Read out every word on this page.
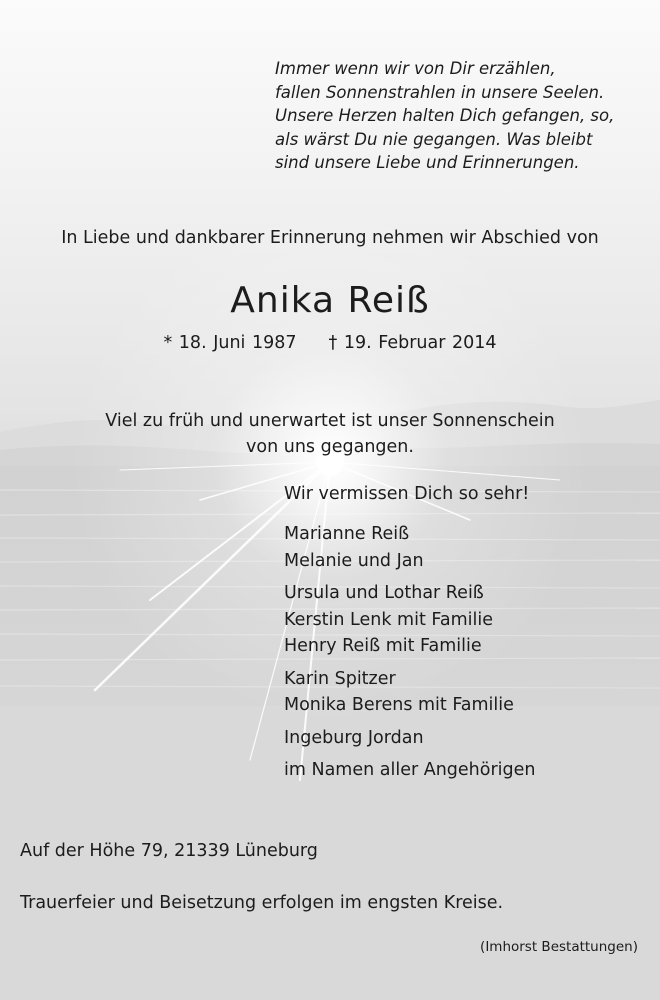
Immer wenn wir von Dir erzählen,
fallen Sonnenstrahlen in unsere Seelen.
Unsere Herzen halten Dich gefangen, so,
als wärst Du nie gegangen. Was bleibt
sind unsere Liebe und Erinnerungen.
In Liebe und dankbarer Erinnerung nehmen wir Abschied von
Anika Reiß
* 18. Juni 1987 † 19. Februar 2014
Viel zu früh und unerwartet ist unser Sonnenschein
von uns gegangen.
Wir vermissen Dich so sehr!
Marianne Reiß
Melanie und Jan
Ursula und Lothar Reiß
Kerstin Lenk mit Familie
Henry Reiß mit Familie
Karin Spitzer
Monika Berens mit Familie
Ingeburg Jordan
im Namen aller Angehörigen
Auf der Höhe 79, 21339 Lüneburg
Trauerfeier und Beisetzung erfolgen im engsten Kreise.
(Imhorst Bestattungen)
